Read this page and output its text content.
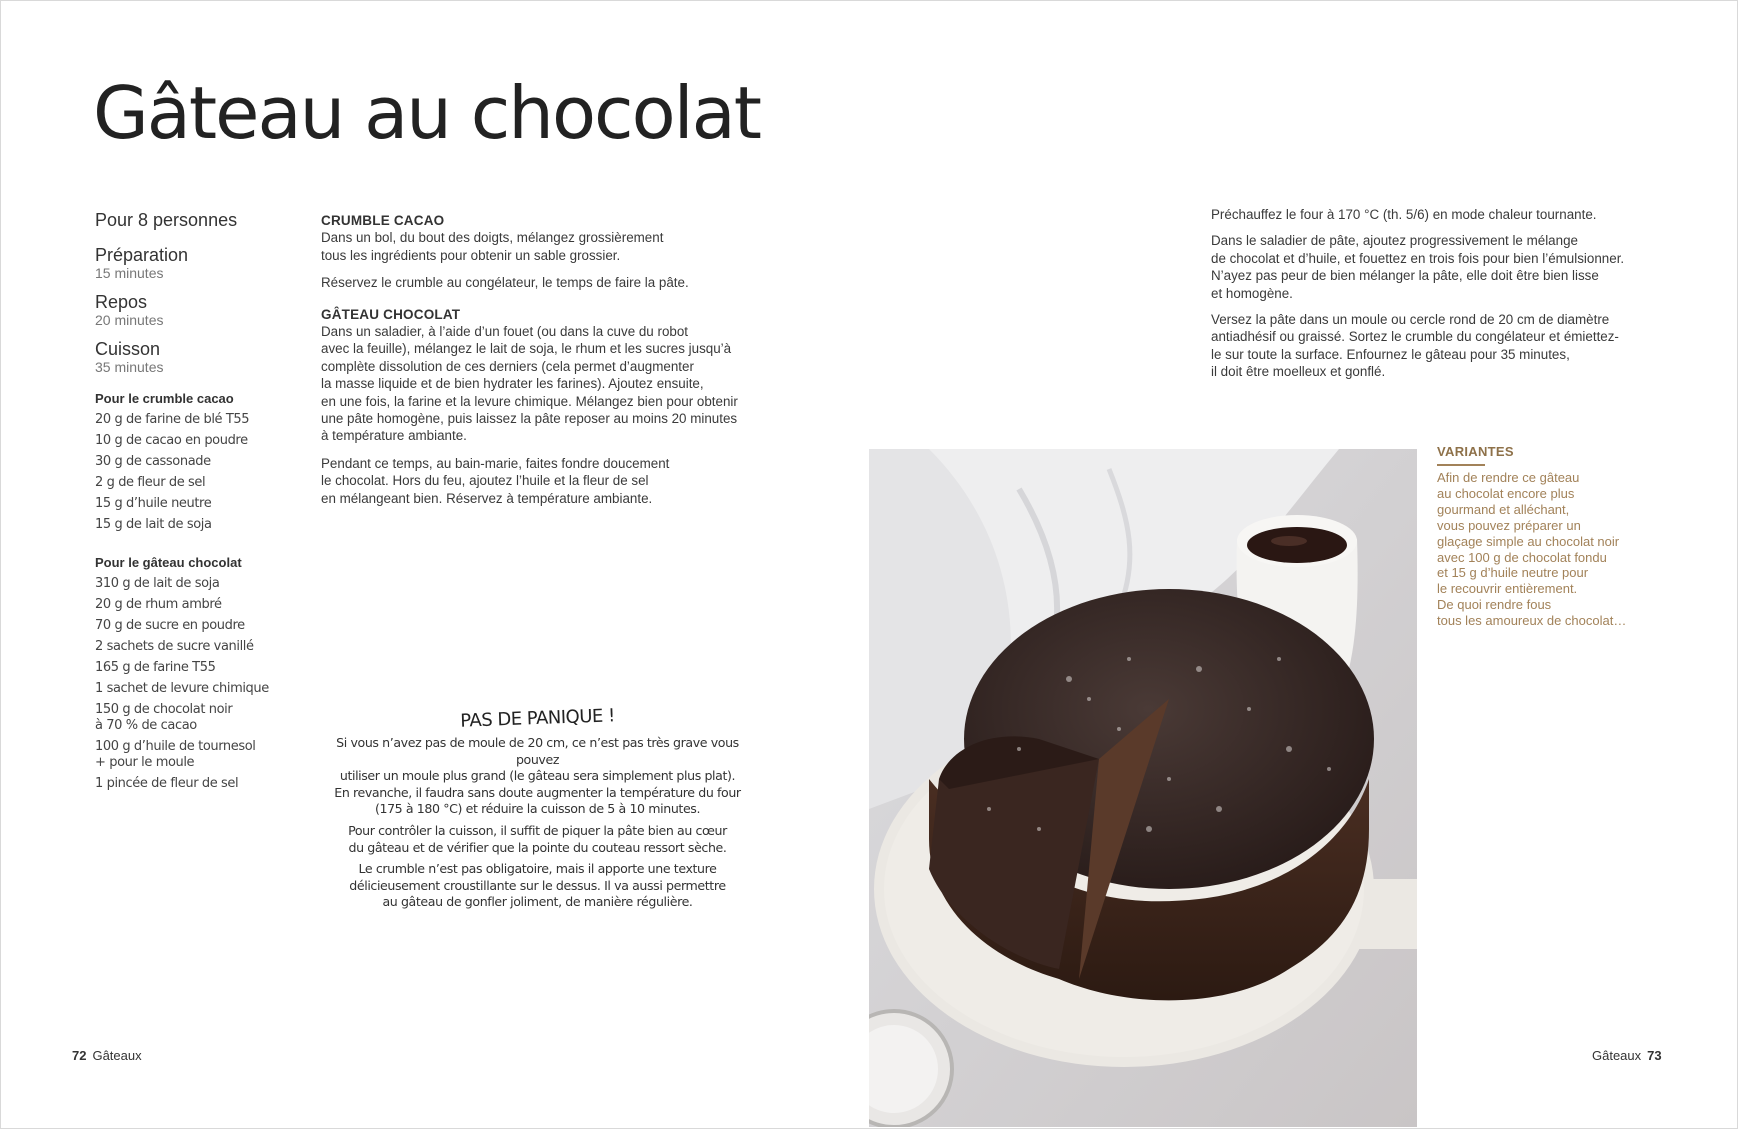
Gâteau au chocolat
Pour 8 personnes
Préparation
15 minutes
Repos
20 minutes
Cuisson
35 minutes
Pour le crumble cacao
20 g de farine de blé T55
10 g de cacao en poudre
30 g de cassonade
2 g de fleur de sel
15 g d’huile neutre
15 g de lait de soja
Pour le gâteau chocolat
310 g de lait de soja
20 g de rhum ambré
70 g de sucre en poudre
2 sachets de sucre vanillé
165 g de farine T55
1 sachet de levure chimique
150 g de chocolat noir
à 70 % de cacao
100 g d’huile de tournesol
+ pour le moule
1 pincée de fleur de sel
CRUMBLE CACAO

Dans un bol, du bout des doigts, mélangez grossièrement
tous les ingrédients pour obtenir un sable grossier.

Réservez le crumble au congélateur, le temps de faire la pâte.

GÂTEAU CHOCOLAT

Dans un saladier, à l’aide d’un fouet (ou dans la cuve du robot
avec la feuille), mélangez le lait de soja, le rhum et les sucres jusqu’à
complète dissolution de ces derniers (cela permet d’augmenter
la masse liquide et de bien hydrater les farines). Ajoutez ensuite,
en une fois, la farine et la levure chimique. Mélangez bien pour obtenir
une pâte homogène, puis laissez la pâte reposer au moins 20 minutes
à température ambiante.

Pendant ce temps, au bain-marie, faites fondre doucement
le chocolat. Hors du feu, ajoutez l’huile et la fleur de sel
en mélangeant bien. Réservez à température ambiante.

PAS DE PANIQUE !

Si vous n’avez pas de moule de 20 cm, ce n’est pas très grave vous pouvez
utiliser un moule plus grand (le gâteau sera simplement plus plat).
En revanche, il faudra sans doute augmenter la température du four
(175 à 180 °C) et réduire la cuisson de 5 à 10 minutes.

Pour contrôler la cuisson, il suffit de piquer la pâte bien au cœur
du gâteau et de vérifier que la pointe du couteau ressort sèche.

Le crumble n’est pas obligatoire, mais il apporte une texture
délicieusement croustillante sur le dessus. Il va aussi permettre
au gâteau de gonfler joliment, de manière régulière.

Préchauffez le four à 170 °C (th. 5/6) en mode chaleur tournante.

Dans le saladier de pâte, ajoutez progressivement le mélange
de chocolat et d’huile, et fouettez en trois fois pour bien l’émulsionner.
N’ayez pas peur de bien mélanger la pâte, elle doit être bien lisse
et homogène.

Versez la pâte dans un moule ou cercle rond de 20 cm de diamètre
antiadhésif ou graissé. Sortez le crumble du congélateur et émiettez-
le sur toute la surface. Enfournez le gâteau pour 35 minutes,
il doit être moelleux et gonflé.

VARIANTES

Afin de rendre ce gâteau
au chocolat encore plus
gourmand et alléchant,
vous pouvez préparer un
glaçage simple au chocolat noir
avec 100 g de chocolat fondu
et 15 g d’huile neutre pour
le recouvrir entièrement.
De quoi rendre fous
tous les amoureux de chocolat…

72 Gâteaux	Gâteaux 73
